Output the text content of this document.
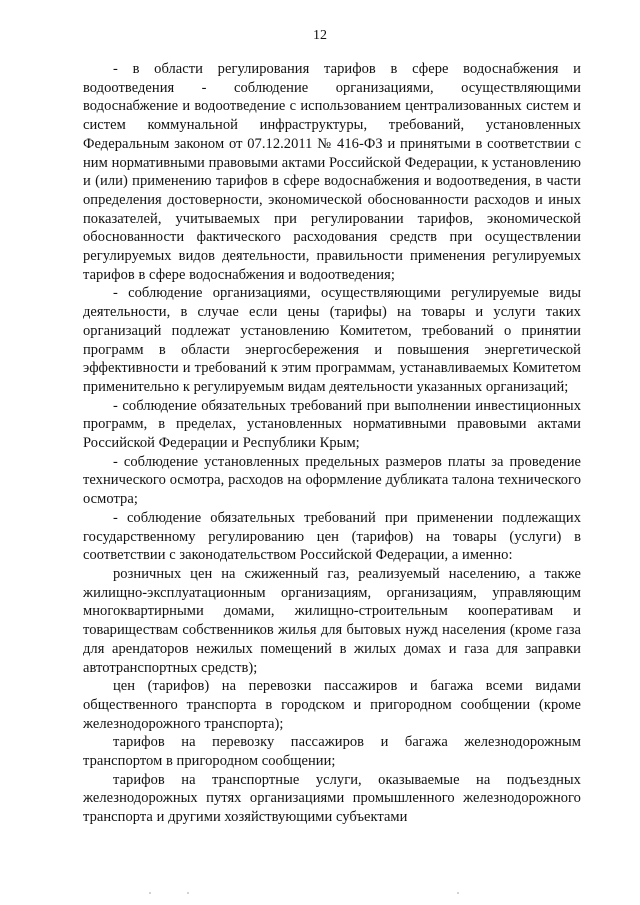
12

- в области регулирования тарифов в сфере водоснабжения и водоотведения - соблюдение организациями, осуществляющими водоснабжение и водоотведение с использованием централизованных систем и систем коммунальной инфраструктуры, требований, установленных Федеральным законом от 07.12.2011 № 416-ФЗ и принятыми в соответствии с ним нормативными правовыми актами Российской Федерации, к установлению и (или) применению тарифов в сфере водоснабжения и водоотведения, в части определения достоверности, экономической обоснованности расходов и иных показателей, учитываемых при регулировании тарифов, экономической обоснованности фактического расходования средств при осуществлении регулируемых видов деятельности, правильности применения регулируемых тарифов в сфере водоснабжения и водоотведения;

- соблюдение организациями, осуществляющими регулируемые виды деятельности, в случае если цены (тарифы) на товары и услуги таких организаций подлежат установлению Комитетом, требований о принятии программ в области энергосбережения и повышения энергетической эффективности и требований к этим программам, устанавливаемых Комитетом применительно к регулируемым видам деятельности указанных организаций;

- соблюдение обязательных требований при выполнении инвестиционных программ, в пределах, установленных нормативными правовыми актами Российской Федерации и Республики Крым;

- соблюдение установленных предельных размеров платы за проведение технического осмотра, расходов на оформление дубликата талона технического осмотра;

- соблюдение обязательных требований при применении подлежащих государственному регулированию цен (тарифов) на товары (услуги) в соответствии с законодательством Российской Федерации, а именно:

розничных цен на сжиженный газ, реализуемый населению, а также жилищно-эксплуатационным организациям, организациям, управляющим многоквартирными домами, жилищно-строительным кооперативам и товариществам собственников жилья для бытовых нужд населения (кроме газа для арендаторов нежилых помещений в жилых домах и газа для заправки автотранспортных средств);

цен (тарифов) на перевозки пассажиров и багажа всеми видами общественного транспорта в городском и пригородном сообщении (кроме железнодорожного транспорта);

тарифов на перевозку пассажиров и багажа железнодорожным транспортом в пригородном сообщении;

тарифов на транспортные услуги, оказываемые на подъездных железнодорожных путях организациями промышленного железнодорожного транспорта и другими хозяйствующими субъектами
